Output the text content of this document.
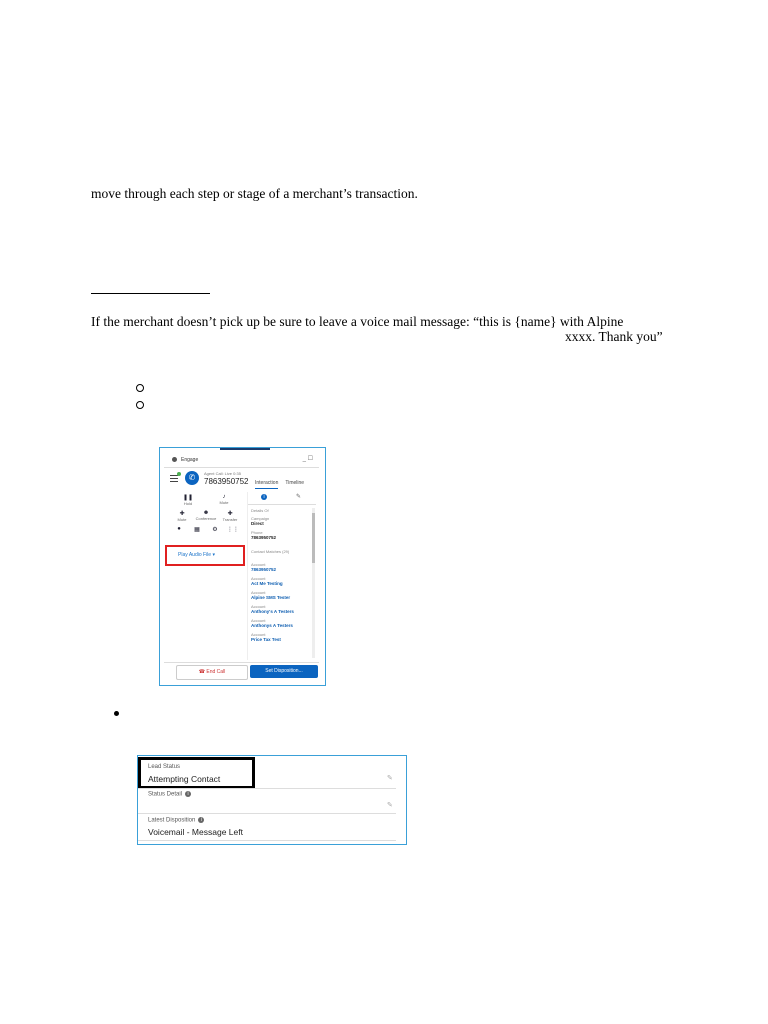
move through each step or stage of a merchant’s transaction.
If the merchant doesn’t pick up be sure to leave a voice mail message: “this is {name} with Alpine
xxxx. Thank you”
Engage	_ ☐
✆	Agent Call: Live 0:35
7863950752 Interaction Timeline
❚❚
Hold
♪
Mute
✚
Mute
☻
Conference
✚
Transfer
●	▦	⚙	⋮⋮
Play Audio File ▾
i	✎
Details Of
Campaign
Direct
Phone
7863950752
Contact Matches (29)
Account
7863950752
Account
Act Me Testing
Account
Alpine SMS Tester
Account
Anthony's A Testers
Account
Anthonys A Testers
Account
Price Tax Test
☎ End Call	Set Disposition...
Lead Status
Attempting Contact	✎
Status Detail i
✎
Latest Disposition i
Voicemail - Message Left
